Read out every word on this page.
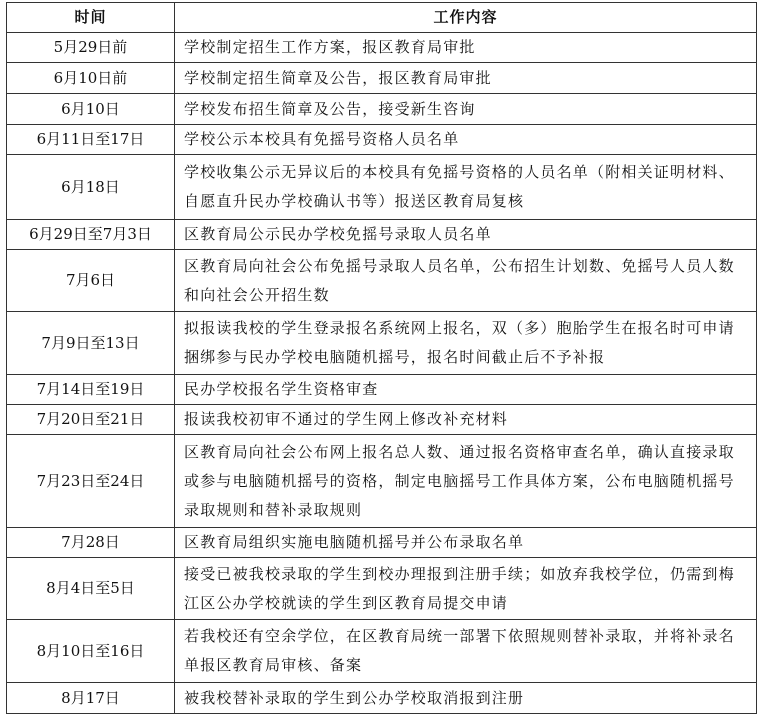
时间	工作内容
5月29日前	学校制定招生工作方案，报区教育局审批
6月10日前	学校制定招生简章及公告，报区教育局审批
6月10日	学校发布招生简章及公告，接受新生咨询
6月11日至17日	学校公示本校具有免摇号资格人员名单
6月18日	学校收集公示无异议后的本校具有免摇号资格的人员名单（附相关证明材料、自愿直升民办学校确认书等）报送区教育局复核
6月29日至7月3日	区教育局公示民办学校免摇号录取人员名单
7月6日	区教育局向社会公布免摇号录取人员名单，公布招生计划数、免摇号人员人数和向社会公开招生数
7月9日至13日	拟报读我校的学生登录报名系统网上报名，双（多）胞胎学生在报名时可申请捆绑参与民办学校电脑随机摇号，报名时间截止后不予补报
7月14日至19日	民办学校报名学生资格审查
7月20日至21日	报读我校初审不通过的学生网上修改补充材料
7月23日至24日	区教育局向社会公布网上报名总人数、通过报名资格审查名单，确认直接录取或参与电脑随机摇号的资格，制定电脑摇号工作具体方案，公布电脑随机摇号录取规则和替补录取规则
7月28日	区教育局组织实施电脑随机摇号并公布录取名单
8月4日至5日	接受已被我校录取的学生到校办理报到注册手续；如放弃我校学位，仍需到梅江区公办学校就读的学生到区教育局提交申请
8月10日至16日	若我校还有空余学位，在区教育局统一部署下依照规则替补录取，并将补录名单报区教育局审核、备案
8月17日	被我校替补录取的学生到公办学校取消报到注册
